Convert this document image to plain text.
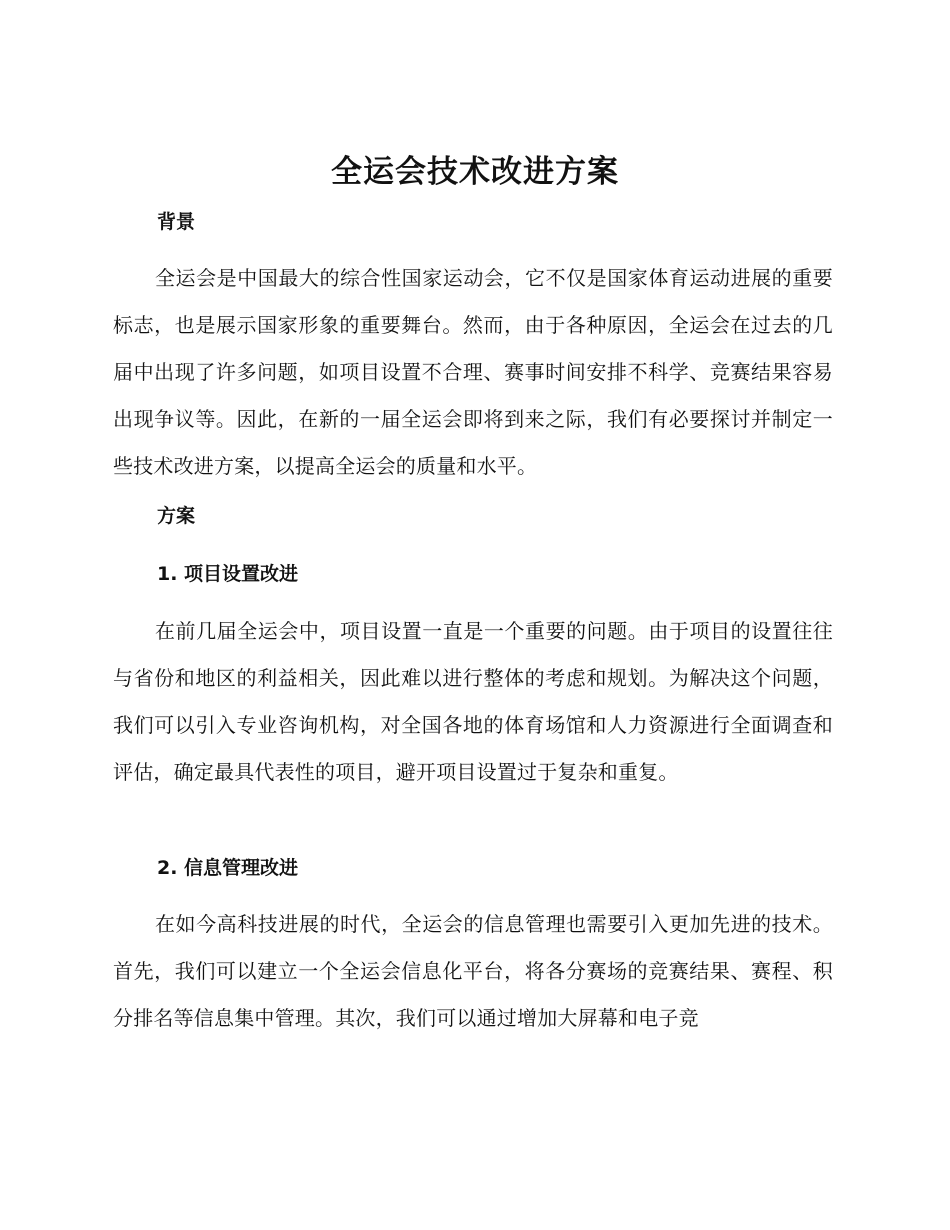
全运会技术改进方案
背景
全运会是中国最大的综合性国家运动会，它不仅是国家体育运动进展的重要标志，也是展示国家形象的重要舞台。然而，由于各种原因，全运会在过去的几届中出现了许多问题，如项目设置不合理、赛事时间安排不科学、竞赛结果容易出现争议等。因此，在新的一届全运会即将到来之际，我们有必要探讨并制定一些技术改进方案，以提高全运会的质量和水平。
方案
1. 项目设置改进
在前几届全运会中，项目设置一直是一个重要的问题。由于项目的设置往往与省份和地区的利益相关，因此难以进行整体的考虑和规划。为解决这个问题，我们可以引入专业咨询机构，对全国各地的体育场馆和人力资源进行全面调查和评估，确定最具代表性的项目，避开项目设置过于复杂和重复。
2. 信息管理改进
在如今高科技进展的时代，全运会的信息管理也需要引入更加先进的技术。首先，我们可以建立一个全运会信息化平台，将各分赛场的竞赛结果、赛程、积分排名等信息集中管理。其次，我们可以通过增加大屏幕和电子竞
